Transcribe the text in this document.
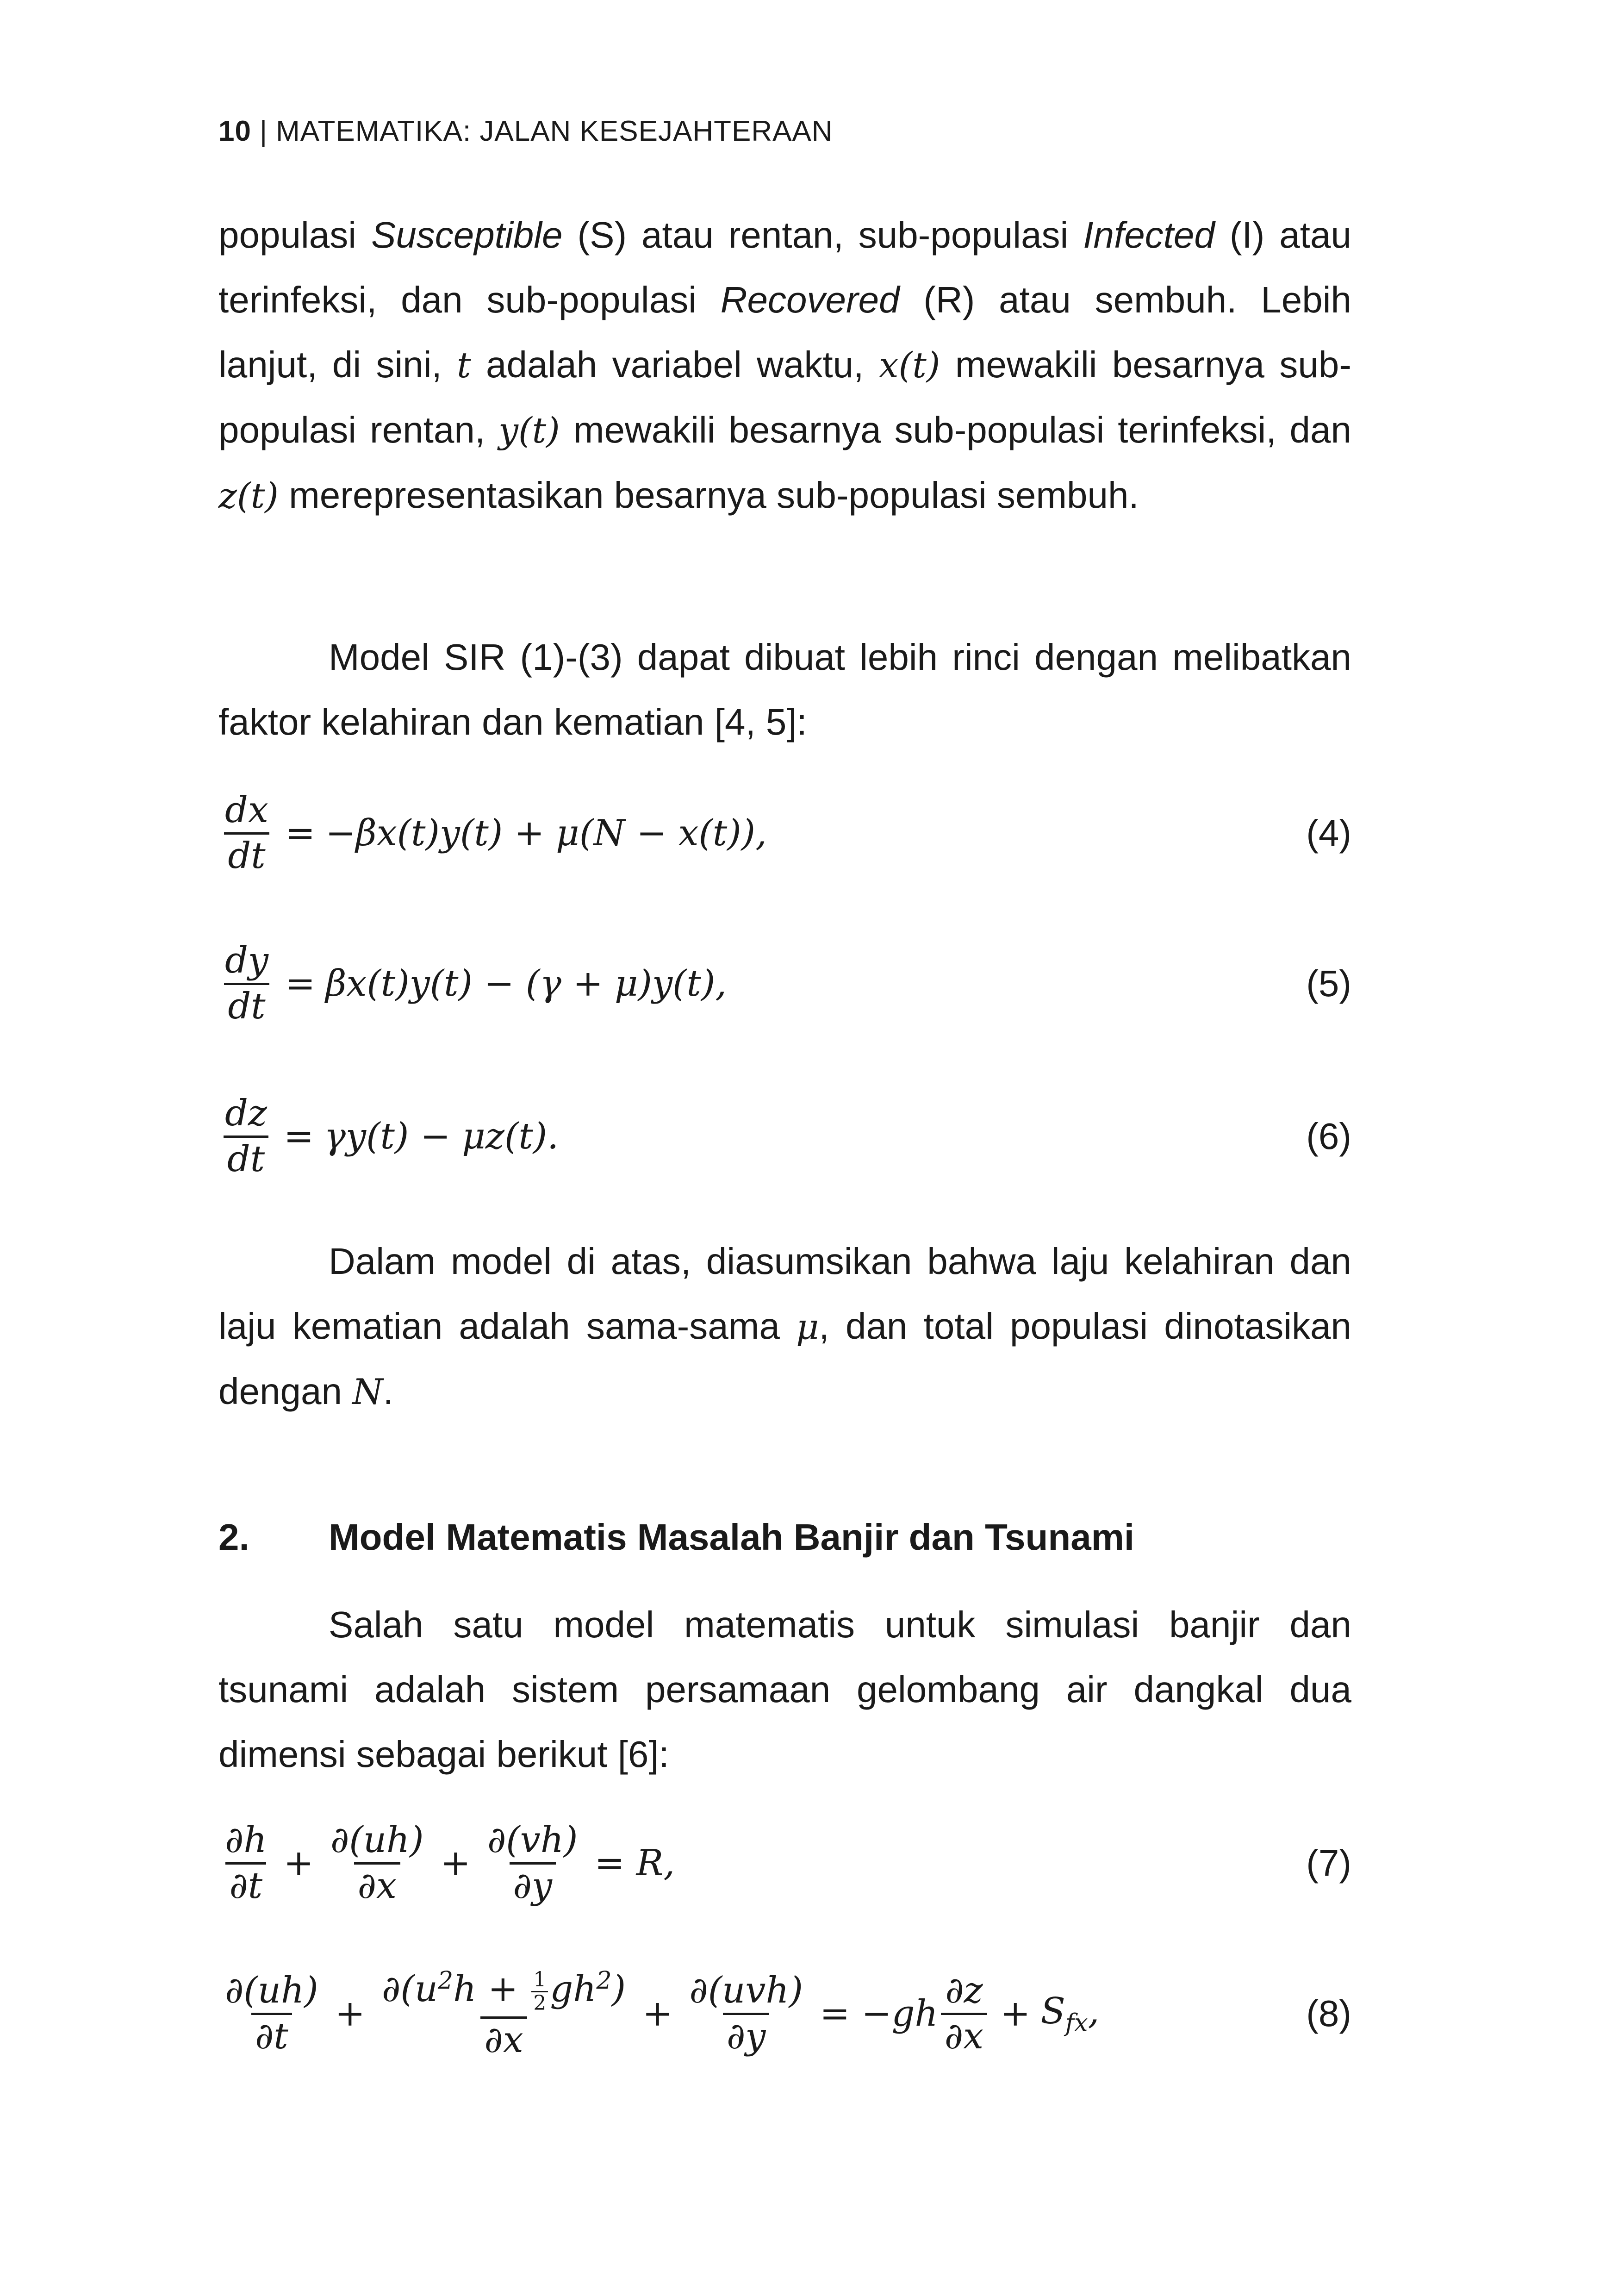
10 | MATEMATIKA: JALAN KESEJAHTERAAN

populasi Susceptible (S) atau rentan, sub-populasi Infected (I) atau terinfeksi, dan sub-populasi Recovered (R) atau sembuh. Lebih lanjut, di sini, t adalah variabel waktu, x(t) mewakili besarnya sub-populasi rentan, y(t) mewakili besarnya sub-populasi terinfeksi, dan z(t) merepresentasikan besarnya sub-populasi sembuh.

Model SIR (1)-(3) dapat dibuat lebih rinci dengan melibatkan faktor kelahiran dan kematian [4, 5]:

$\frac{dx}{dt} = -\beta x(t)y(t) + \mu(N - x(t))$,	(4)
$\frac{dy}{dt} = \beta x(t)y(t) - (\gamma + \mu)y(t)$,	(5)
$\frac{dz}{dt} = \gamma y(t) - \mu z(t)$.	(6)

Dalam model di atas, diasumsikan bahwa laju kelahiran dan laju kematian adalah sama-sama μ, dan total populasi dinotasikan dengan N.

2. Model Matematis Masalah Banjir dan Tsunami

Salah satu model matematis untuk simulasi banjir dan tsunami adalah sistem persamaan gelombang air dangkal dua dimensi sebagai berikut [6]:

$\frac{\partial h}{\partial t} + \frac{\partial(uh)}{\partial x} + \frac{\partial(vh)}{\partial y} = R$,	(7)
$\frac{\partial(uh)}{\partial t} + \frac{\partial(u^2h + \frac{1}{2} gh^2)}{\partial x} + \frac{\text{∂(uvh)}}{\partial y} = -gh \frac{\partial z}{\partial x} + S_{fx}$,	(8)
